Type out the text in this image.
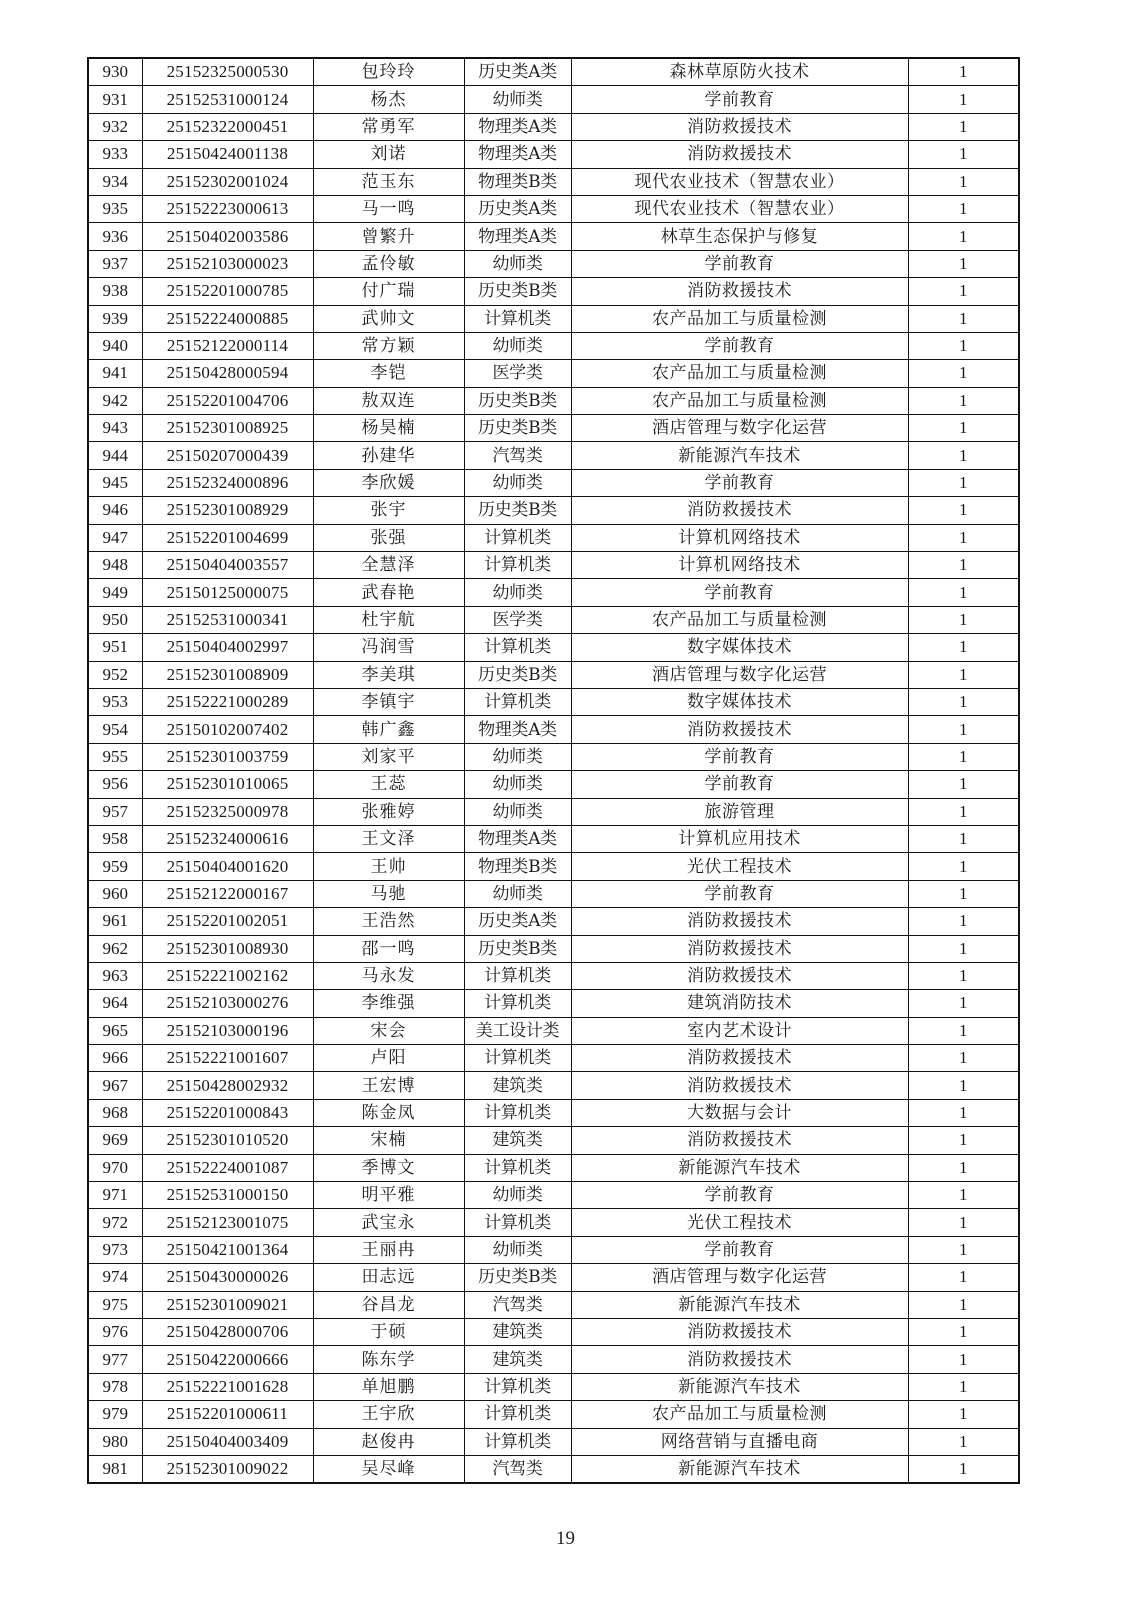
930	25152325000530	包玲玲	历史类A类	森林草原防火技术	1
931	25152531000124	杨杰	幼师类	学前教育	1
932	25152322000451	常勇军	物理类A类	消防救援技术	1
933	25150424001138	刘诺	物理类A类	消防救援技术	1
934	25152302001024	范玉东	物理类B类	现代农业技术（智慧农业）	1
935	25152223000613	马一鸣	历史类A类	现代农业技术（智慧农业）	1
936	25150402003586	曾繁升	物理类A类	林草生态保护与修复	1
937	25152103000023	孟伶敏	幼师类	学前教育	1
938	25152201000785	付广瑞	历史类B类	消防救援技术	1
939	25152224000885	武帅文	计算机类	农产品加工与质量检测	1
940	25152122000114	常方颖	幼师类	学前教育	1
941	25150428000594	李铠	医学类	农产品加工与质量检测	1
942	25152201004706	敖双连	历史类B类	农产品加工与质量检测	1
943	25152301008925	杨昊楠	历史类B类	酒店管理与数字化运营	1
944	25150207000439	孙建华	汽驾类	新能源汽车技术	1
945	25152324000896	李欣媛	幼师类	学前教育	1
946	25152301008929	张宇	历史类B类	消防救援技术	1
947	25152201004699	张强	计算机类	计算机网络技术	1
948	25150404003557	全慧泽	计算机类	计算机网络技术	1
949	25150125000075	武春艳	幼师类	学前教育	1
950	25152531000341	杜宇航	医学类	农产品加工与质量检测	1
951	25150404002997	冯润雪	计算机类	数字媒体技术	1
952	25152301008909	李美琪	历史类B类	酒店管理与数字化运营	1
953	25152221000289	李镇宇	计算机类	数字媒体技术	1
954	25150102007402	韩广鑫	物理类A类	消防救援技术	1
955	25152301003759	刘家平	幼师类	学前教育	1
956	25152301010065	王蕊	幼师类	学前教育	1
957	25152325000978	张雅婷	幼师类	旅游管理	1
958	25152324000616	王文泽	物理类A类	计算机应用技术	1
959	25150404001620	王帅	物理类B类	光伏工程技术	1
960	25152122000167	马驰	幼师类	学前教育	1
961	25152201002051	王浩然	历史类A类	消防救援技术	1
962	25152301008930	邵一鸣	历史类B类	消防救援技术	1
963	25152221002162	马永发	计算机类	消防救援技术	1
964	25152103000276	李维强	计算机类	建筑消防技术	1
965	25152103000196	宋会	美工设计类	室内艺术设计	1
966	25152221001607	卢阳	计算机类	消防救援技术	1
967	25150428002932	王宏博	建筑类	消防救援技术	1
968	25152201000843	陈金凤	计算机类	大数据与会计	1
969	25152301010520	宋楠	建筑类	消防救援技术	1
970	25152224001087	季博文	计算机类	新能源汽车技术	1
971	25152531000150	明平雅	幼师类	学前教育	1
972	25152123001075	武宝永	计算机类	光伏工程技术	1
973	25150421001364	王丽冉	幼师类	学前教育	1
974	25150430000026	田志远	历史类B类	酒店管理与数字化运营	1
975	25152301009021	谷昌龙	汽驾类	新能源汽车技术	1
976	25150428000706	于硕	建筑类	消防救援技术	1
977	25150422000666	陈东学	建筑类	消防救援技术	1
978	25152221001628	单旭鹏	计算机类	新能源汽车技术	1
979	25152201000611	王宇欣	计算机类	农产品加工与质量检测	1
980	25150404003409	赵俊冉	计算机类	网络营销与直播电商	1
981	25152301009022	吴尽峰	汽驾类	新能源汽车技术	1
19
